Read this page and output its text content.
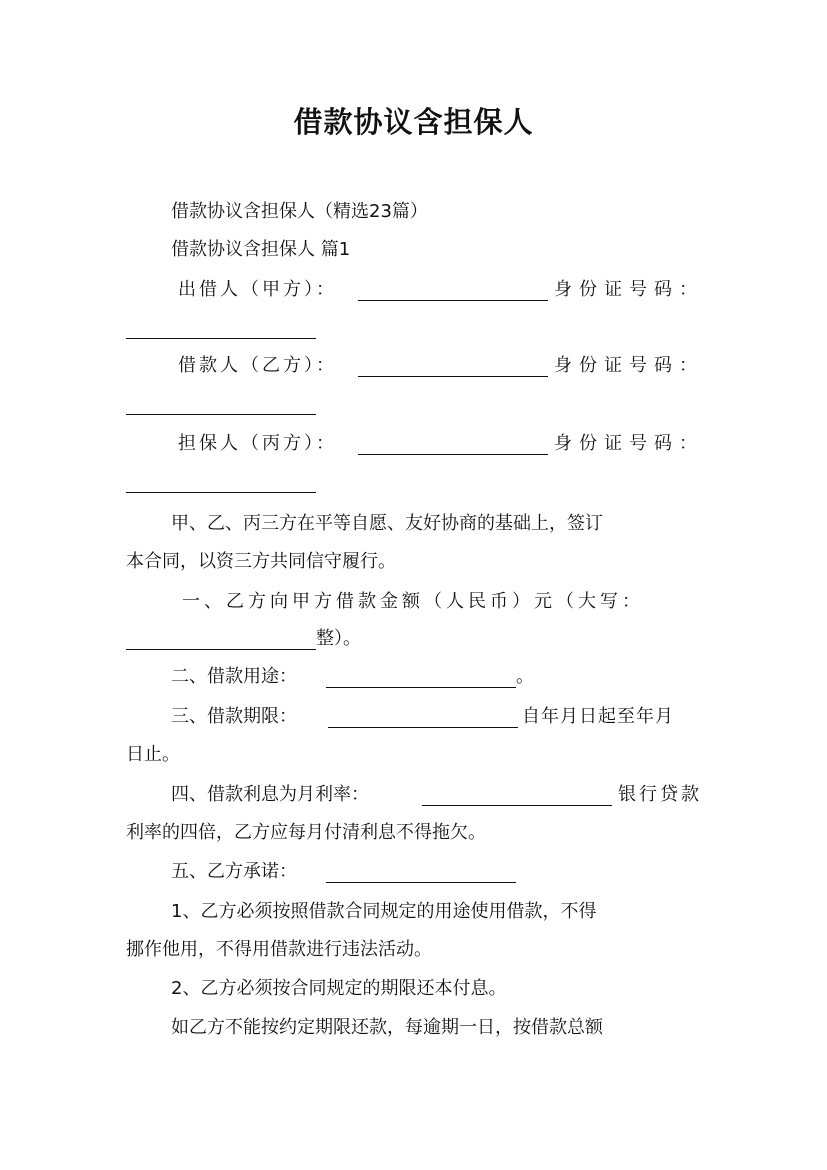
借款协议含担保人
借款协议含担保人（精选23篇）
借款协议含担保人 篇1
出借人（甲方）：	身份证号码：
借款人（乙方）：	身份证号码：
担保人（丙方）：	身份证号码：
甲、乙、丙三方在平等自愿、友好协商的基础上，签订
本合同，以资三方共同信守履行。
一、乙方向甲方借款金额（人民币）元（大写：
整）。
二、借款用途：	。
三、借款期限：	自年月日起至年月
日止。
四、借款利息为月利率：	银行贷款
利率的四倍，乙方应每月付清利息不得拖欠。
五、乙方承诺：
1、乙方必须按照借款合同规定的用途使用借款，不得
挪作他用，不得用借款进行违法活动。
2、乙方必须按合同规定的期限还本付息。
如乙方不能按约定期限还款，每逾期一日，按借款总额
